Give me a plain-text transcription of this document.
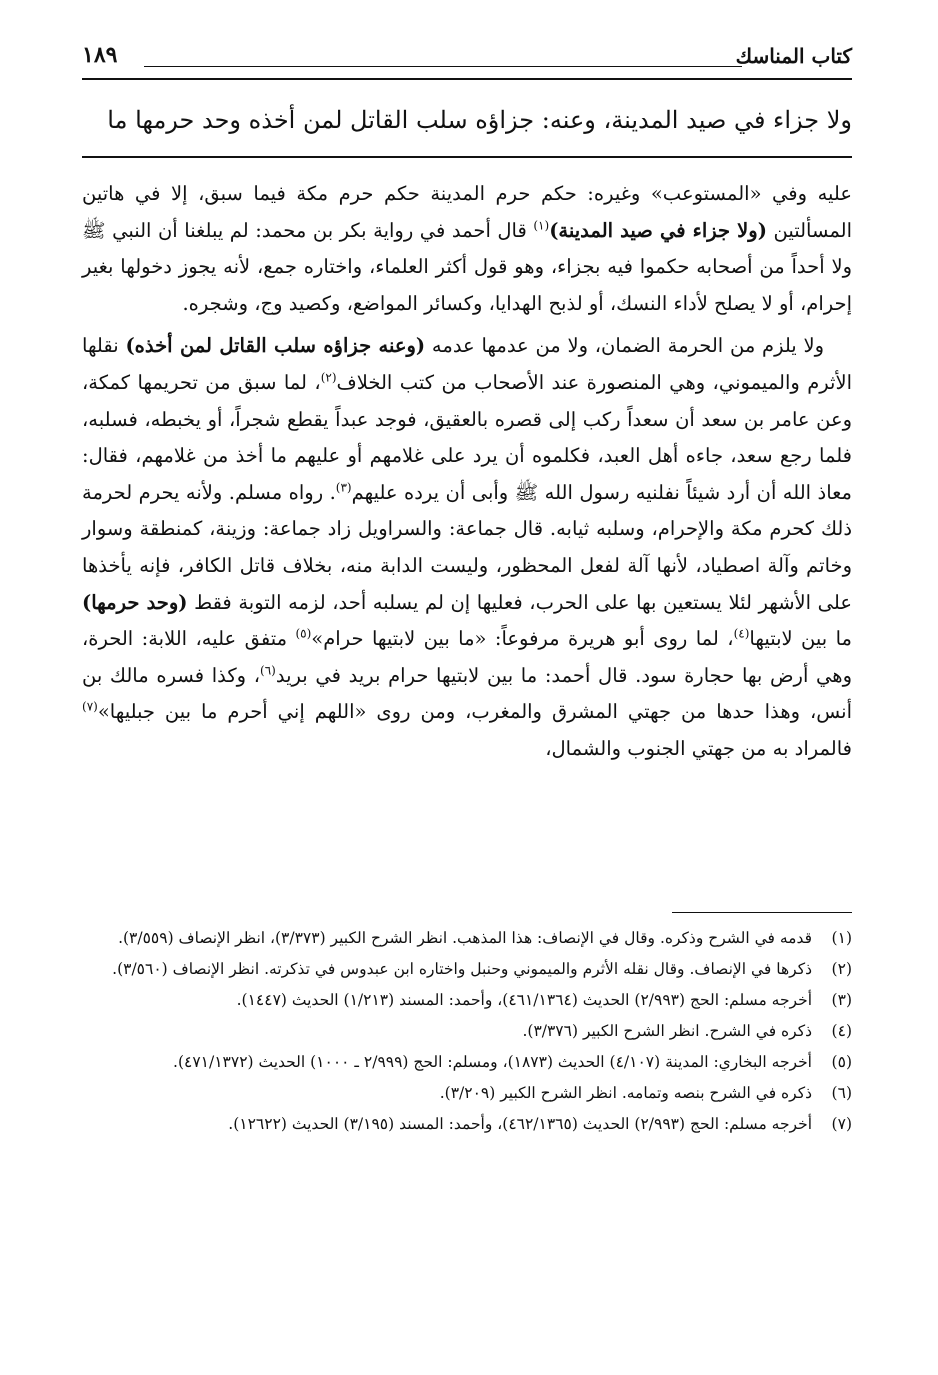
كتاب المناسك
١٨٩
ولا جزاء في صيد المدينة، وعنه: جزاؤه سلب القاتل لمن أخذه وحد حرمها ما

عليه وفي «المستوعب» وغيره: حكم حرم المدينة حكم حرم مكة فيما سبق، إلا في هاتين المسألتين (ولا جزاء في صيد المدينة)$^{(١)}$ قال أحمد في رواية بكر بن محمد: لم يبلغنا أن النبي ﷺ ولا أحداً من أصحابه حكموا فيه بجزاء، وهو قول أكثر العلماء، واختاره جمع، لأنه يجوز دخولها بغير إحرام، أو لا يصلح لأداء النسك، أو لذبح الهدايا، وكسائر المواضع، وكصيد وج، وشجره.

ولا يلزم من الحرمة الضمان، ولا من عدمها عدمه (وعنه جزاؤه سلب القاتل لمن أخذه) نقلها الأثرم والميموني، وهي المنصورة عند الأصحاب من كتب الخلاف$^{(٢)}$، لما سبق من تحريمها كمكة، وعن عامر بن سعد أن سعداً ركب إلى قصره بالعقيق، فوجد عبداً يقطع شجراً، أو يخبطه، فسلبه، فلما رجع سعد، جاءه أهل العبد، فكلموه أن يرد على غلامهم أو عليهم ما أخذ من غلامهم، فقال: معاذ الله أن أرد شيئاً نفلنيه رسول الله ﷺ وأبى أن يرده عليهم$^{(٣)}$. رواه مسلم. ولأنه يحرم لحرمة ذلك كحرم مكة والإحرام، وسلبه ثيابه. قال جماعة: والسراويل زاد جماعة: وزينة، كمنطقة وسوار وخاتم وآلة اصطياد، لأنها آلة لفعل المحظور، وليست الدابة منه، بخلاف قاتل الكافر، فإنه يأخذها على الأشهر لئلا يستعين بها على الحرب، فعليها إن لم يسلبه أحد، لزمه التوبة فقط (وحد حرمها) ما بين لابتيها$^{(٤)}$، لما روى أبو هريرة مرفوعاً: «ما بين لابتيها حرام»$^{(٥)}$ متفق عليه، اللابة: الحرة، وهي أرض بها حجارة سود. قال أحمد: ما بين لابتيها حرام بريد في بريد$^{(٦)}$، وكذا فسره مالك بن أنس، وهذا حدها من جهتي المشرق والمغرب، ومن روى «اللهم إني أحرم ما بين جبليها»$^{(٧)}$ فالمراد به من جهتي الجنوب والشمال،

(١)
قدمه في الشرح وذكره. وقال في الإنصاف: هذا المذهب. انظر الشرح الكبير (٣/٣٧٣)، انظر الإنصاف (٣/٥٥٩).
(٢)
ذكرها في الإنصاف. وقال نقله الأثرم والميموني وحنبل واختاره ابن عبدوس في تذكرته. انظر الإنصاف (٣/٥٦٠).
(٣)
أخرجه مسلم: الحج (٢/٩٩٣) الحديث (٤٦١/١٣٦٤)، وأحمد: المسند (١/٢١٣) الحديث (١٤٤٧).
(٤)
ذكره في الشرح. انظر الشرح الكبير (٣/٣٧٦).
(٥)
أخرجه البخاري: المدينة (٤/١٠٧) الحديث (١٨٧٣)، ومسلم: الحج (٢/٩٩٩ ـ ١٠٠٠) الحديث (٤٧١/١٣٧٢).
(٦)
ذكره في الشرح بنصه وتمامه. انظر الشرح الكبير (٣/٢٠٩).
(٧)
أخرجه مسلم: الحج (٢/٩٩٣) الحديث (٤٦٢/١٣٦٥)، وأحمد: المسند (٣/١٩٥) الحديث (١٢٦٢٢).
